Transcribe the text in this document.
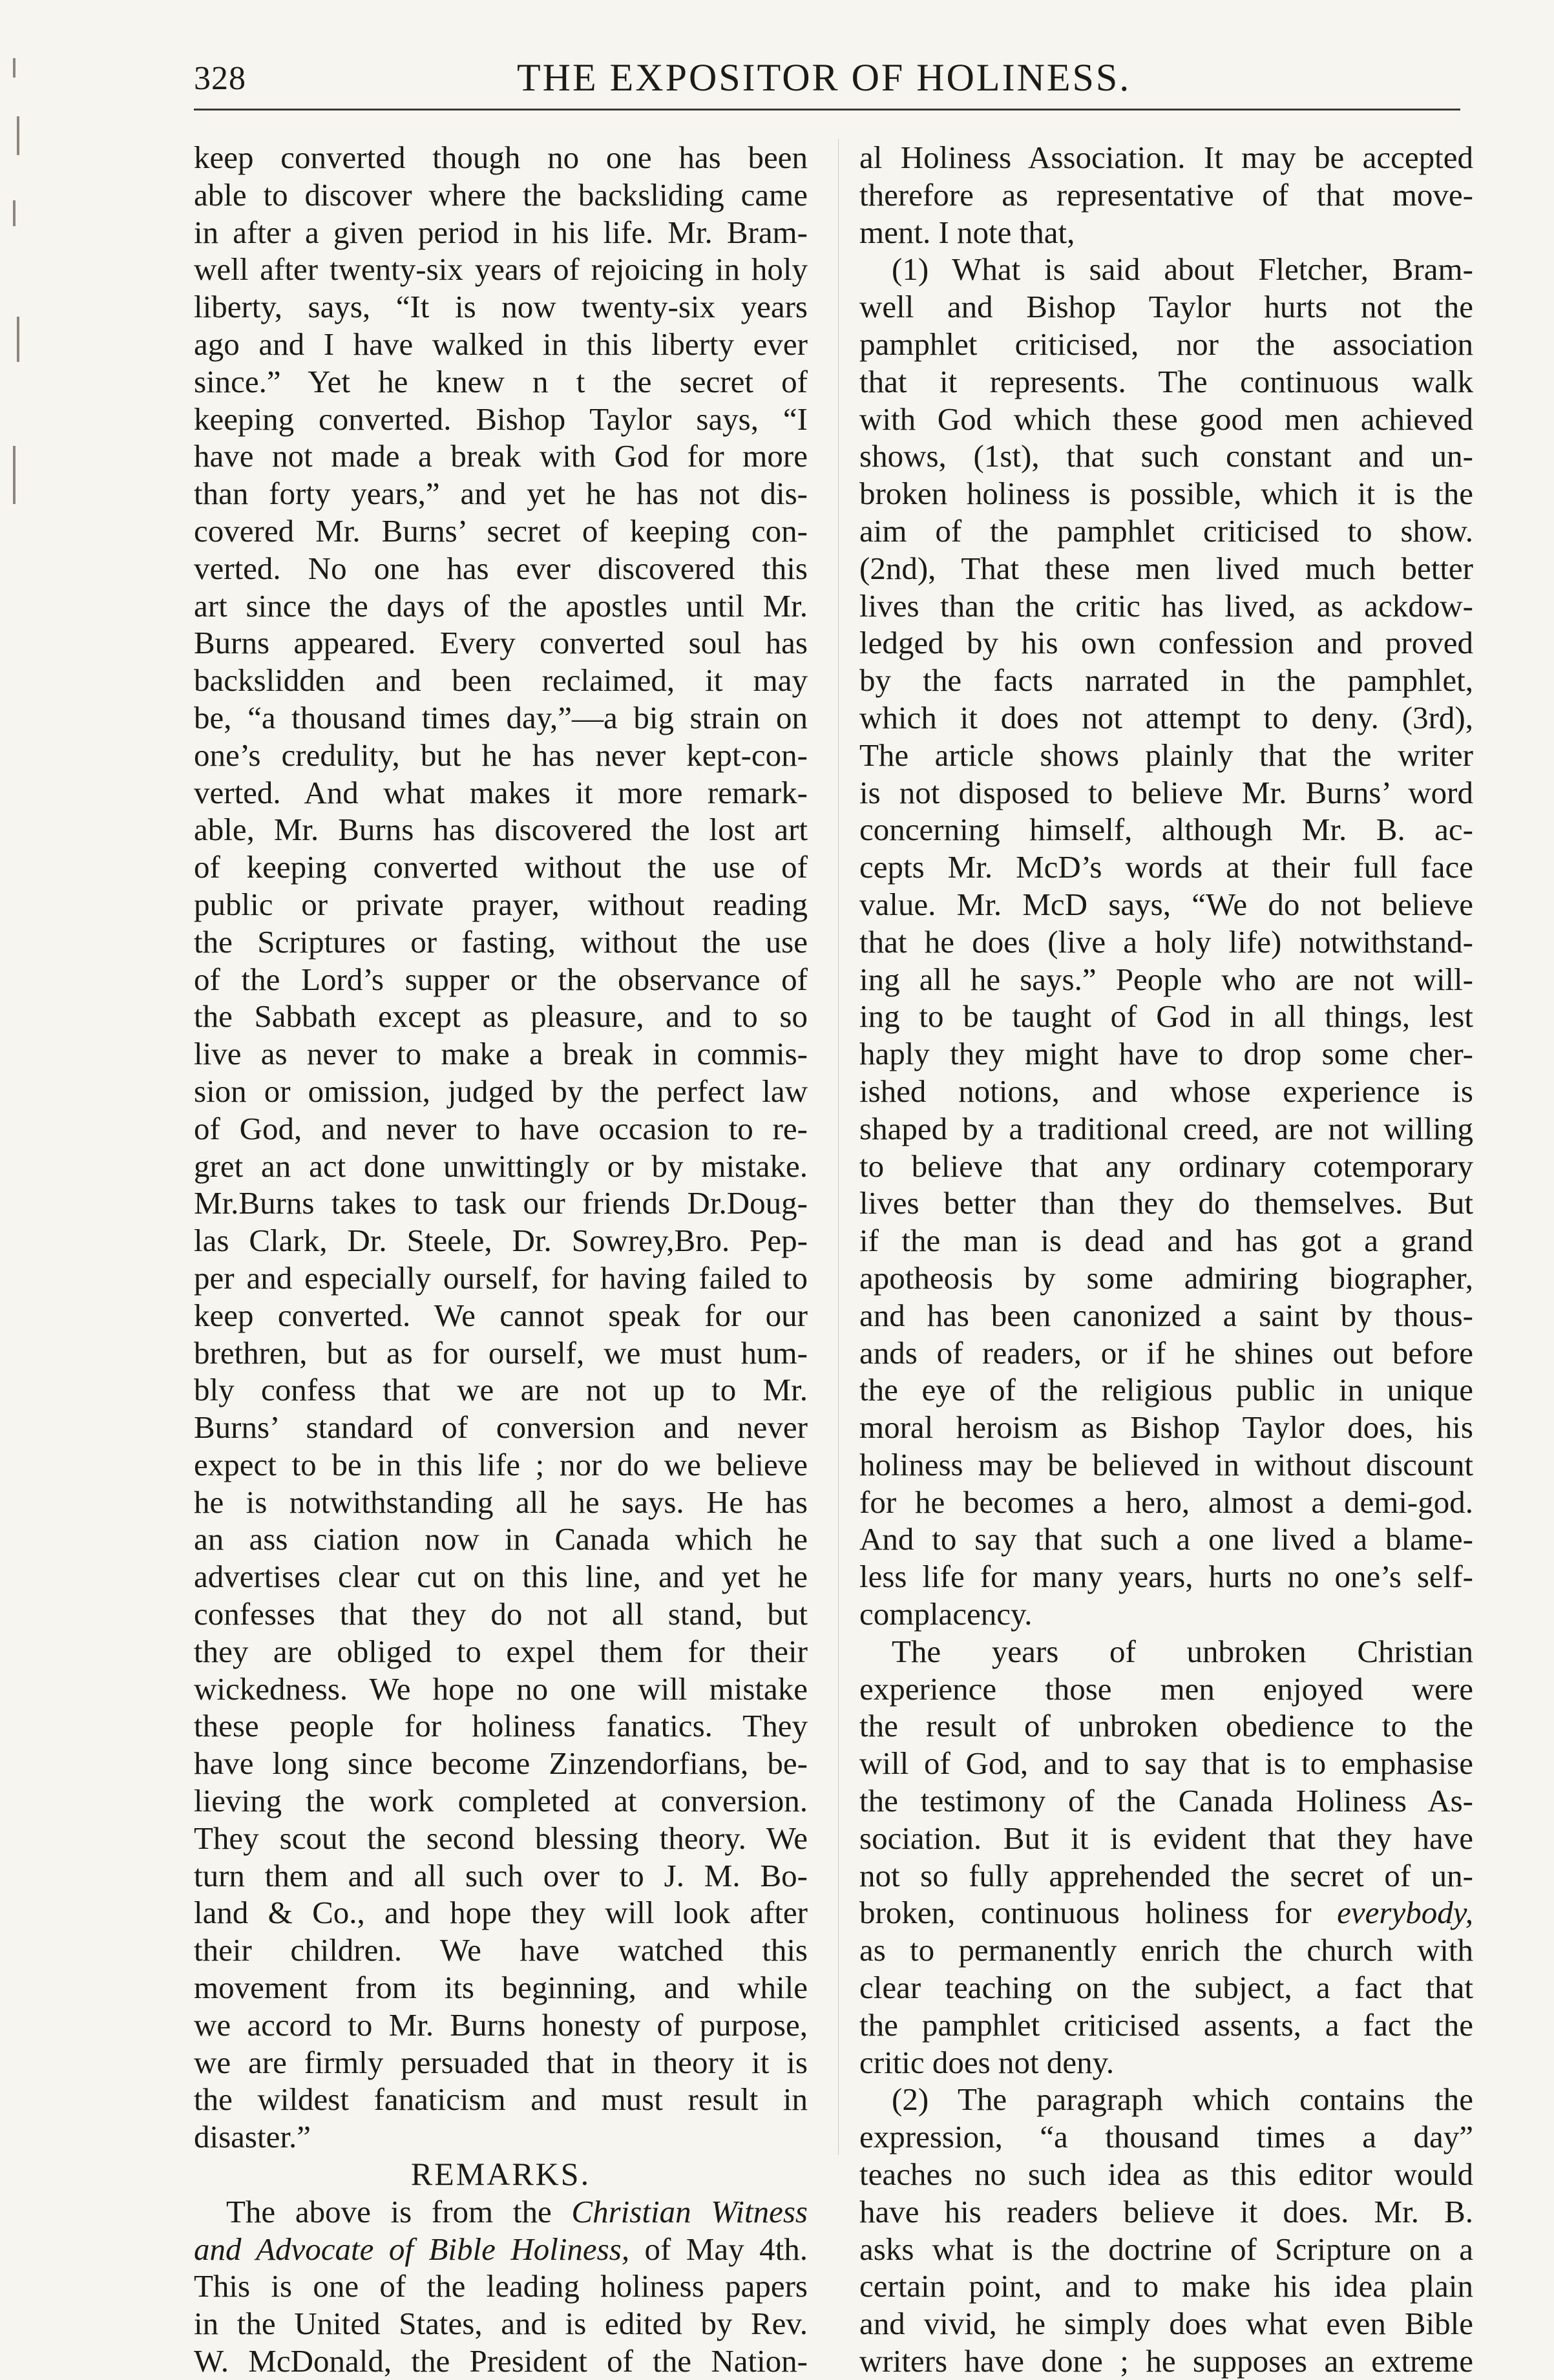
328	THE EXPOSITOR OF HOLINESS.
keep converted though no one has been
able to discover where the backsliding came
in after a given period in his life. Mr. Bram-
well after twenty-six years of rejoicing in holy
liberty, says, “It is now twenty-six years
ago and I have walked in this liberty ever
since.” Yet he knew n t the secret of
keeping converted. Bishop Taylor says, “I
have not made a break with God for more
than forty years,” and yet he has not dis-
covered Mr. Burns’ secret of keeping con-
verted. No one has ever discovered this
art since the days of the apostles until Mr.
Burns appeared. Every converted soul has
backslidden and been reclaimed, it may
be, “a thousand times day,”—a big strain on
one’s credulity, but he has never kept-con-
verted. And what makes it more remark-
able, Mr. Burns has discovered the lost art
of keeping converted without the use of
public or private prayer, without reading
the Scriptures or fasting, without the use
of the Lord’s supper or the observance of
the Sabbath except as pleasure, and to so
live as never to make a break in commis-
sion or omission, judged by the perfect law
of God, and never to have occasion to re-
gret an act done unwittingly or by mistake.
Mr.Burns takes to task our friends Dr.Doug-
las Clark, Dr. Steele, Dr. Sowrey,Bro. Pep-
per and especially ourself, for having failed to
keep converted. We cannot speak for our
brethren, but as for ourself, we must hum-
bly confess that we are not up to Mr.
Burns’ standard of conversion and never
expect to be in this life ; nor do we believe
he is notwithstanding all he says. He has
an ass ciation now in Canada which he
advertises clear cut on this line, and yet he
confesses that they do not all stand, but
they are obliged to expel them for their
wickedness. We hope no one will mistake
these people for holiness fanatics. They
have long since become Zinzendorfians, be-
lieving the work completed at conversion.
They scout the second blessing theory. We
turn them and all such over to J. M. Bo-
land & Co., and hope they will look after
their children. We have watched this
movement from its beginning, and while
we accord to Mr. Burns honesty of purpose,
we are firmly persuaded that in theory it is
the wildest fanaticism and must result in
disaster.”
REMARKS.
The above is from the Christian Witness
and Advocate of Bible Holiness, of May 4th.
This is one of the leading holiness papers
in the United States, and is edited by Rev.
W. McDonald, the President of the Nation-
al Holiness Association. It may be accepted
therefore as representative of that move-
ment. I note that,
(1) What is said about Fletcher, Bram-
well and Bishop Taylor hurts not the
pamphlet criticised, nor the association
that it represents. The continuous walk
with God which these good men achieved
shows, (1st), that such constant and un-
broken holiness is possible, which it is the
aim of the pamphlet criticised to show.
(2nd), That these men lived much better
lives than the critic has lived, as ackdow-
ledged by his own confession and proved
by the facts narrated in the pamphlet,
which it does not attempt to deny. (3rd),
The article shows plainly that the writer
is not disposed to believe Mr. Burns’ word
concerning himself, although Mr. B. ac-
cepts Mr. McD’s words at their full face
value. Mr. McD says, “We do not believe
that he does (live a holy life) notwithstand-
ing all he says.” People who are not will-
ing to be taught of God in all things, lest
haply they might have to drop some cher-
ished notions, and whose experience is
shaped by a traditional creed, are not willing
to believe that any ordinary cotemporary
lives better than they do themselves. But
if the man is dead and has got a grand
apotheosis by some admiring biographer,
and has been canonized a saint by thous-
ands of readers, or if he shines out before
the eye of the religious public in unique
moral heroism as Bishop Taylor does, his
holiness may be believed in without discount
for he becomes a hero, almost a demi-god.
And to say that such a one lived a blame-
less life for many years, hurts no one’s self-
complacency.
The years of unbroken Christian
experience those men enjoyed were
the result of unbroken obedience to the
will of God, and to say that is to emphasise
the testimony of the Canada Holiness As-
sociation. But it is evident that they have
not so fully apprehended the secret of un-
broken, continuous holiness for everybody,
as to permanently enrich the church with
clear teaching on the subject, a fact that
the pamphlet criticised assents, a fact the
critic does not deny.
(2) The paragraph which contains the
expression, “a thousand times a day”
teaches no such idea as this editor would
have his readers believe it does. Mr. B.
asks what is the doctrine of Scripture on a
certain point, and to make his idea plain
and vivid, he simply does what even Bible
writers have done ; he supposes an extreme
